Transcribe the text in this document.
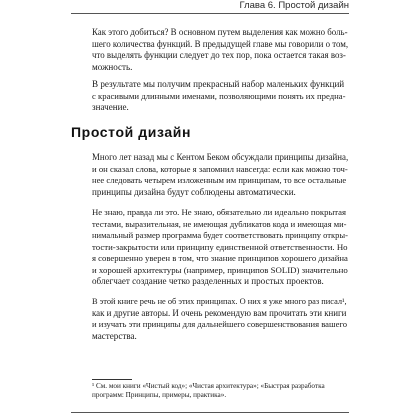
Глава 6. Простой дизайн

Как этого добиться? В основном путем выделения как можно боль-
шего количества функций. В предыдущей главе мы говорили о том,
что выделять функции следует до тех пор, пока остается такая воз-
можность.

В результате мы получим прекрасный набор маленьких функций
с красивыми длинными именами, позволяющими понять их предна-
значение.

Простой дизайн

Много лет назад мы с Кентом Беком обсуждали принципы дизайна,
и он сказал слова, которые я запомнил навсегда: если как можно точ-
нее следовать четырем изложенным им принципам, то все остальные
принципы дизайна будут соблюдены автоматически.

Не знаю, правда ли это. Не знаю, обязательно ли идеально покрытая
тестами, выразительная, не имеющая дубликатов кода и имеющая ми-
нимальный размер программа будет соответствовать принципу откры-
тости-закрытости или принципу единственной ответственности. Но
я совершенно уверен в том, что знание принципов хорошего дизайна
и хорошей архитектуры (например, принципов SOLID) значительно
облегчает создание четко разделенных и простых проектов.

В этой книге речь не об этих принципах. О них я уже много раз писал¹,
как и другие авторы. И очень рекомендую вам прочитать эти книги
и изучать эти принципы для дальнейшего совершенствования вашего
мастерства.

¹ См. мои книги «Чистый код»; «Чистая архитектура»; «Быстрая разработка
программ: Принципы, примеры, практика».
